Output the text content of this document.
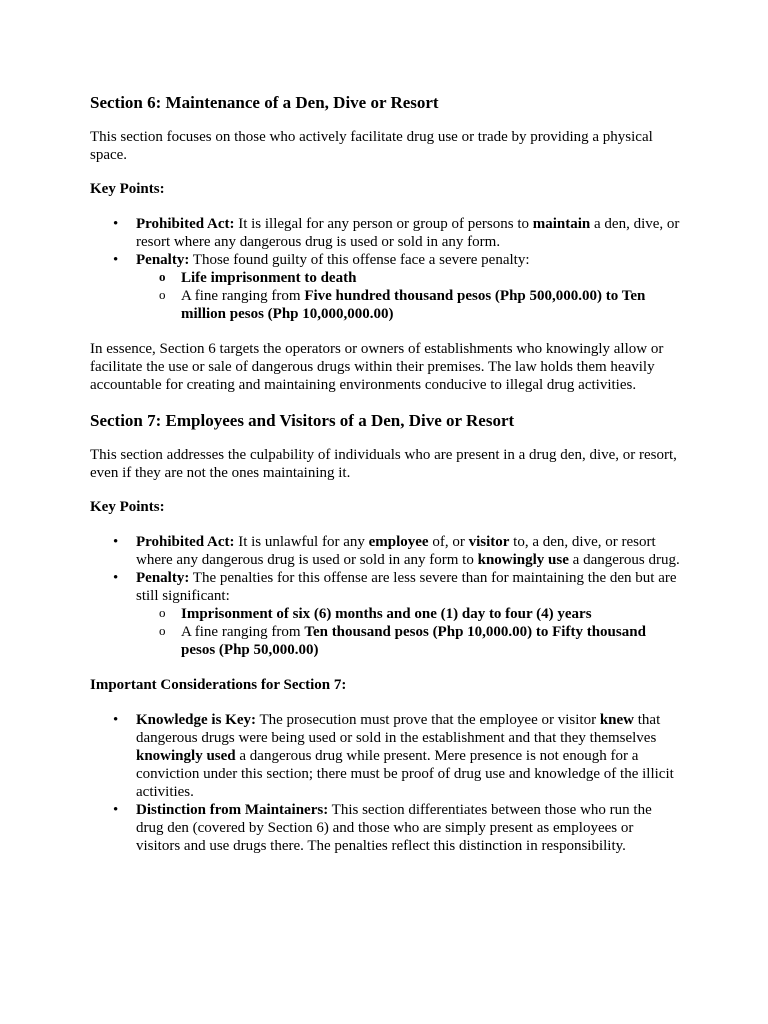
Section 6: Maintenance of a Den, Dive or Resort

This section focuses on those who actively facilitate drug use or trade by providing a physical space.

Key Points:
• Prohibited Act: It is illegal for any person or group of persons to maintain a den, dive, or resort where any dangerous drug is used or sold in any form.
• Penalty: Those found guilty of this offense face a severe penalty:
o Life imprisonment to death
o A fine ranging from Five hundred thousand pesos (Php 500,000.00) to Ten million pesos (Php 10,000,000.00)

In essence, Section 6 targets the operators or owners of establishments who knowingly allow or facilitate the use or sale of dangerous drugs within their premises. The law holds them heavily accountable for creating and maintaining environments conducive to illegal drug activities.

Section 7: Employees and Visitors of a Den, Dive or Resort

This section addresses the culpability of individuals who are present in a drug den, dive, or resort, even if they are not the ones maintaining it.

Key Points:
• Prohibited Act: It is unlawful for any employee of, or visitor to, a den, dive, or resort where any dangerous drug is used or sold in any form to knowingly use a dangerous drug.
• Penalty: The penalties for this offense are less severe than for maintaining the den but are still significant:
o Imprisonment of six (6) months and one (1) day to four (4) years
o A fine ranging from Ten thousand pesos (Php 10,000.00) to Fifty thousand pesos (Php 50,000.00)
Important Considerations for Section 7:
• Knowledge is Key: The prosecution must prove that the employee or visitor knew that dangerous drugs were being used or sold in the establishment and that they themselves knowingly used a dangerous drug while present. Mere presence is not enough for a conviction under this section; there must be proof of drug use and knowledge of the illicit activities.
• Distinction from Maintainers: This section differentiates between those who run the drug den (covered by Section 6) and those who are simply present as employees or visitors and use drugs there. The penalties reflect this distinction in responsibility.
